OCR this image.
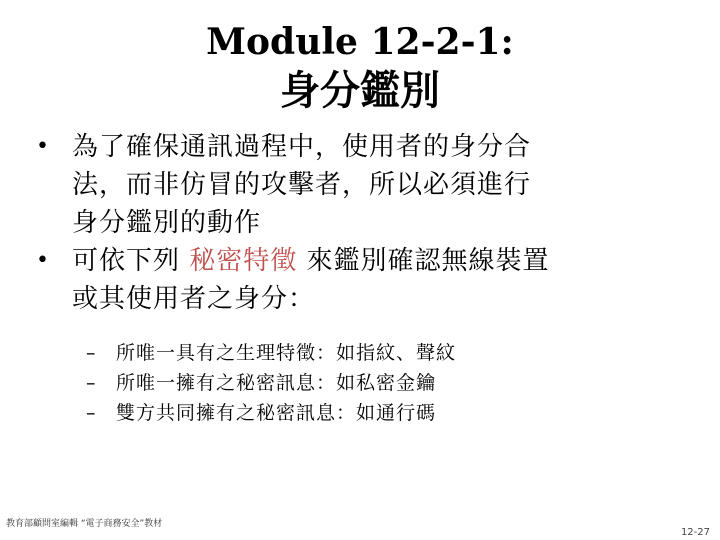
Module 12-2-1:
身分鑑別
• 為了確保通訊過程中，使用者的身分合
法，而非仿冒的攻擊者，所以必須進行
身分鑑別的動作
• 可依下列 秘密特徵 來鑑別確認無線裝置
或其使用者之身分：
– 所唯一具有之生理特徵：如指紋、聲紋
– 所唯一擁有之秘密訊息：如私密金鑰
– 雙方共同擁有之秘密訊息：如通行碼
教育部顧問室編輯 “電子商務安全”教材
12-27
